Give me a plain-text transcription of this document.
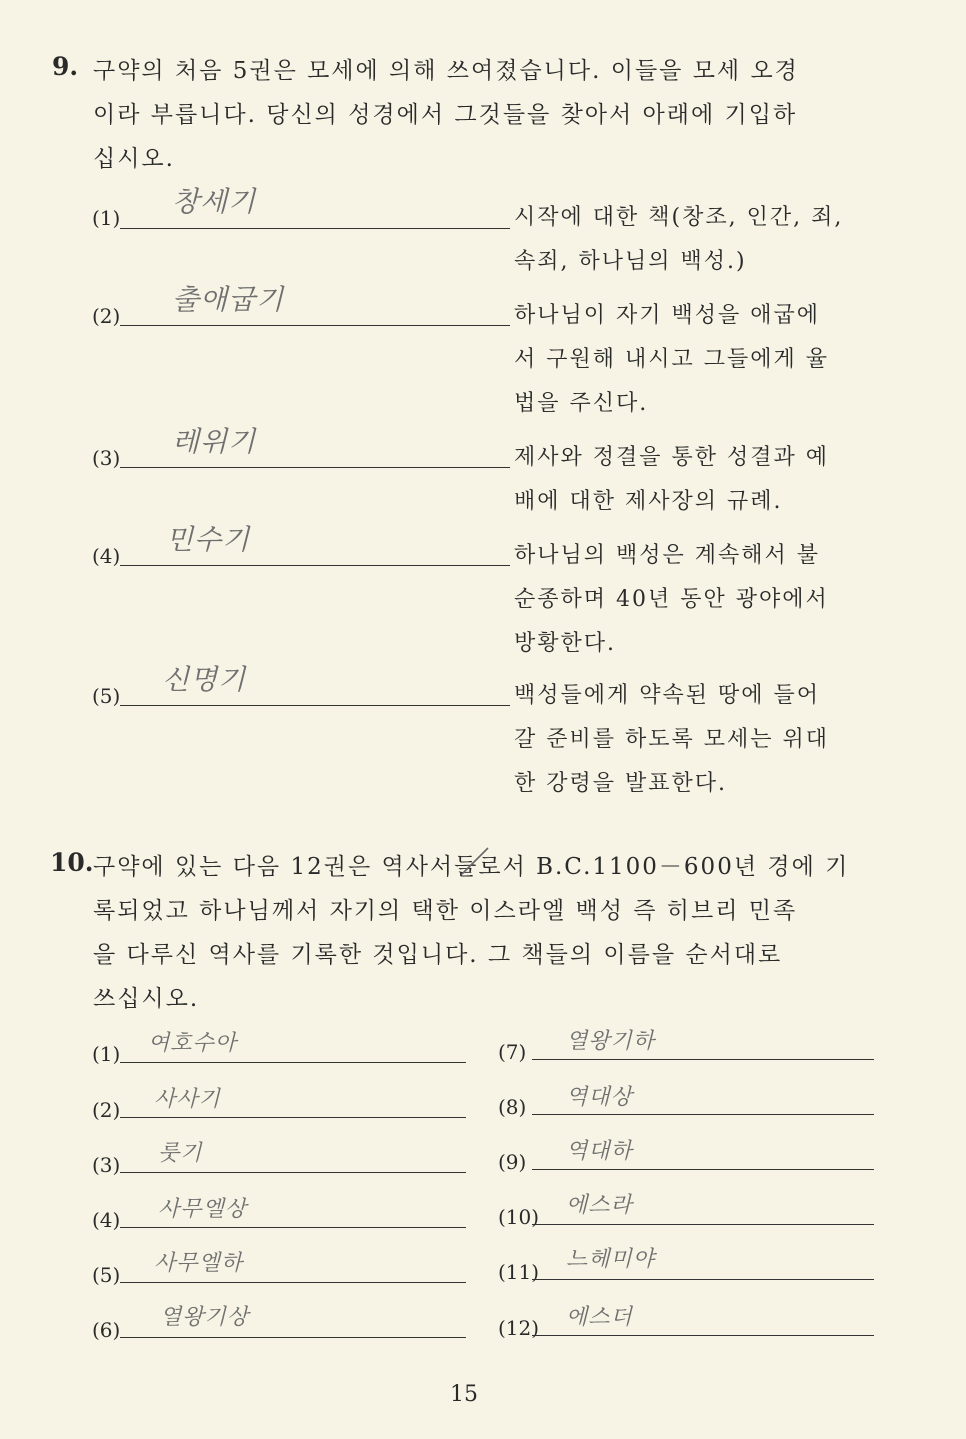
9. 구약의 처음 5권은 모세에 의해 쓰여졌습니다. 이들을 모세 오경
이라 부릅니다. 당신의 성경에서 그것들을 찾아서 아래에 기입하
십시오.
(1) 창세기	시작에 대한 책(창조, 인간, 죄,
속죄, 하나님의 백성.)
(2) 출애굽기	하나님이 자기 백성을 애굽에
서 구원해 내시고 그들에게 율
법을 주신다.
(3) 레위기	제사와 정결을 통한 성결과 예
배에 대한 제사장의 규례.
(4) 민수기	하나님의 백성은 계속해서 불
순종하며 40년 동안 광야에서
방황한다.
(5) 신명기	백성들에게 약속된 땅에 들어
갈 준비를 하도록 모세는 위대
한 강령을 발표한다.
10. 구약에 있는 다음 12권은 역사서들로서 B.C.1100－600년 경에 기
록되었고 하나님께서 자기의 택한 이스라엘 백성 즉 히브리 민족
을 다루신 역사를 기록한 것입니다. 그 책들의 이름을 순서대로
쓰십시오.
(1) 여호수아
(2) 사사기
(3) 룻기
(4) 사무엘상
(5) 사무엘하
(6) 열왕기상
(7) 열왕기하
(8) 역대상
(9) 역대하
(10) 에스라
(11) 느헤미야
(12) 에스더
15
